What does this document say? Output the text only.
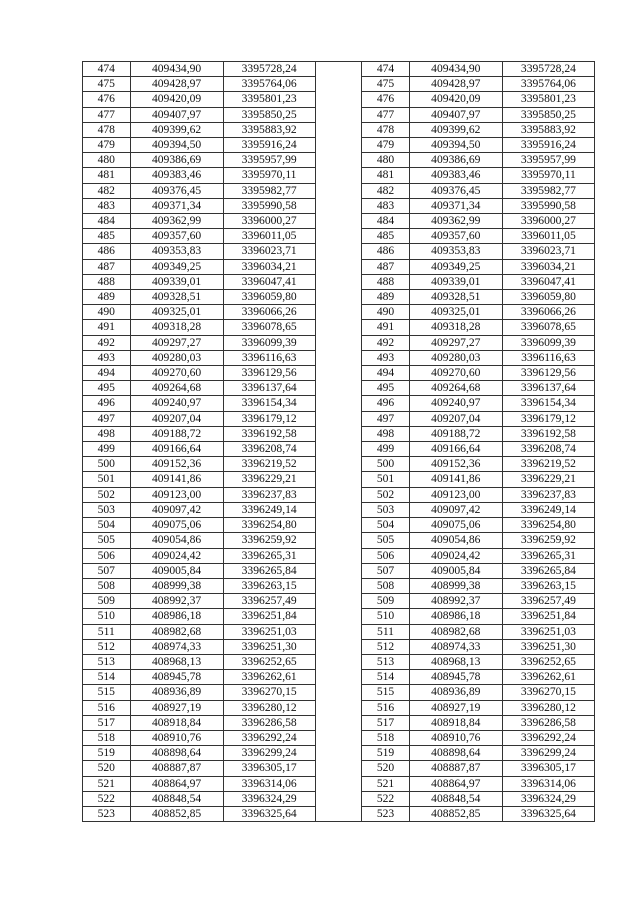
474	409434,90	3395728,24		474	409434,90	3395728,24
475	409428,97	3395764,06		475	409428,97	3395764,06
476	409420,09	3395801,23		476	409420,09	3395801,23
477	409407,97	3395850,25		477	409407,97	3395850,25
478	409399,62	3395883,92		478	409399,62	3395883,92
479	409394,50	3395916,24		479	409394,50	3395916,24
480	409386,69	3395957,99		480	409386,69	3395957,99
481	409383,46	3395970,11		481	409383,46	3395970,11
482	409376,45	3395982,77		482	409376,45	3395982,77
483	409371,34	3395990,58		483	409371,34	3395990,58
484	409362,99	3396000,27		484	409362,99	3396000,27
485	409357,60	3396011,05		485	409357,60	3396011,05
486	409353,83	3396023,71		486	409353,83	3396023,71
487	409349,25	3396034,21		487	409349,25	3396034,21
488	409339,01	3396047,41		488	409339,01	3396047,41
489	409328,51	3396059,80		489	409328,51	3396059,80
490	409325,01	3396066,26		490	409325,01	3396066,26
491	409318,28	3396078,65		491	409318,28	3396078,65
492	409297,27	3396099,39		492	409297,27	3396099,39
493	409280,03	3396116,63		493	409280,03	3396116,63
494	409270,60	3396129,56		494	409270,60	3396129,56
495	409264,68	3396137,64		495	409264,68	3396137,64
496	409240,97	3396154,34		496	409240,97	3396154,34
497	409207,04	3396179,12		497	409207,04	3396179,12
498	409188,72	3396192,58		498	409188,72	3396192,58
499	409166,64	3396208,74		499	409166,64	3396208,74
500	409152,36	3396219,52		500	409152,36	3396219,52
501	409141,86	3396229,21		501	409141,86	3396229,21
502	409123,00	3396237,83		502	409123,00	3396237,83
503	409097,42	3396249,14		503	409097,42	3396249,14
504	409075,06	3396254,80		504	409075,06	3396254,80
505	409054,86	3396259,92		505	409054,86	3396259,92
506	409024,42	3396265,31		506	409024,42	3396265,31
507	409005,84	3396265,84		507	409005,84	3396265,84
508	408999,38	3396263,15		508	408999,38	3396263,15
509	408992,37	3396257,49		509	408992,37	3396257,49
510	408986,18	3396251,84		510	408986,18	3396251,84
511	408982,68	3396251,03		511	408982,68	3396251,03
512	408974,33	3396251,30		512	408974,33	3396251,30
513	408968,13	3396252,65		513	408968,13	3396252,65
514	408945,78	3396262,61		514	408945,78	3396262,61
515	408936,89	3396270,15		515	408936,89	3396270,15
516	408927,19	3396280,12		516	408927,19	3396280,12
517	408918,84	3396286,58		517	408918,84	3396286,58
518	408910,76	3396292,24		518	408910,76	3396292,24
519	408898,64	3396299,24		519	408898,64	3396299,24
520	408887,87	3396305,17		520	408887,87	3396305,17
521	408864,97	3396314,06		521	408864,97	3396314,06
522	408848,54	3396324,29		522	408848,54	3396324,29
523	408852,85	3396325,64		523	408852,85	3396325,64
